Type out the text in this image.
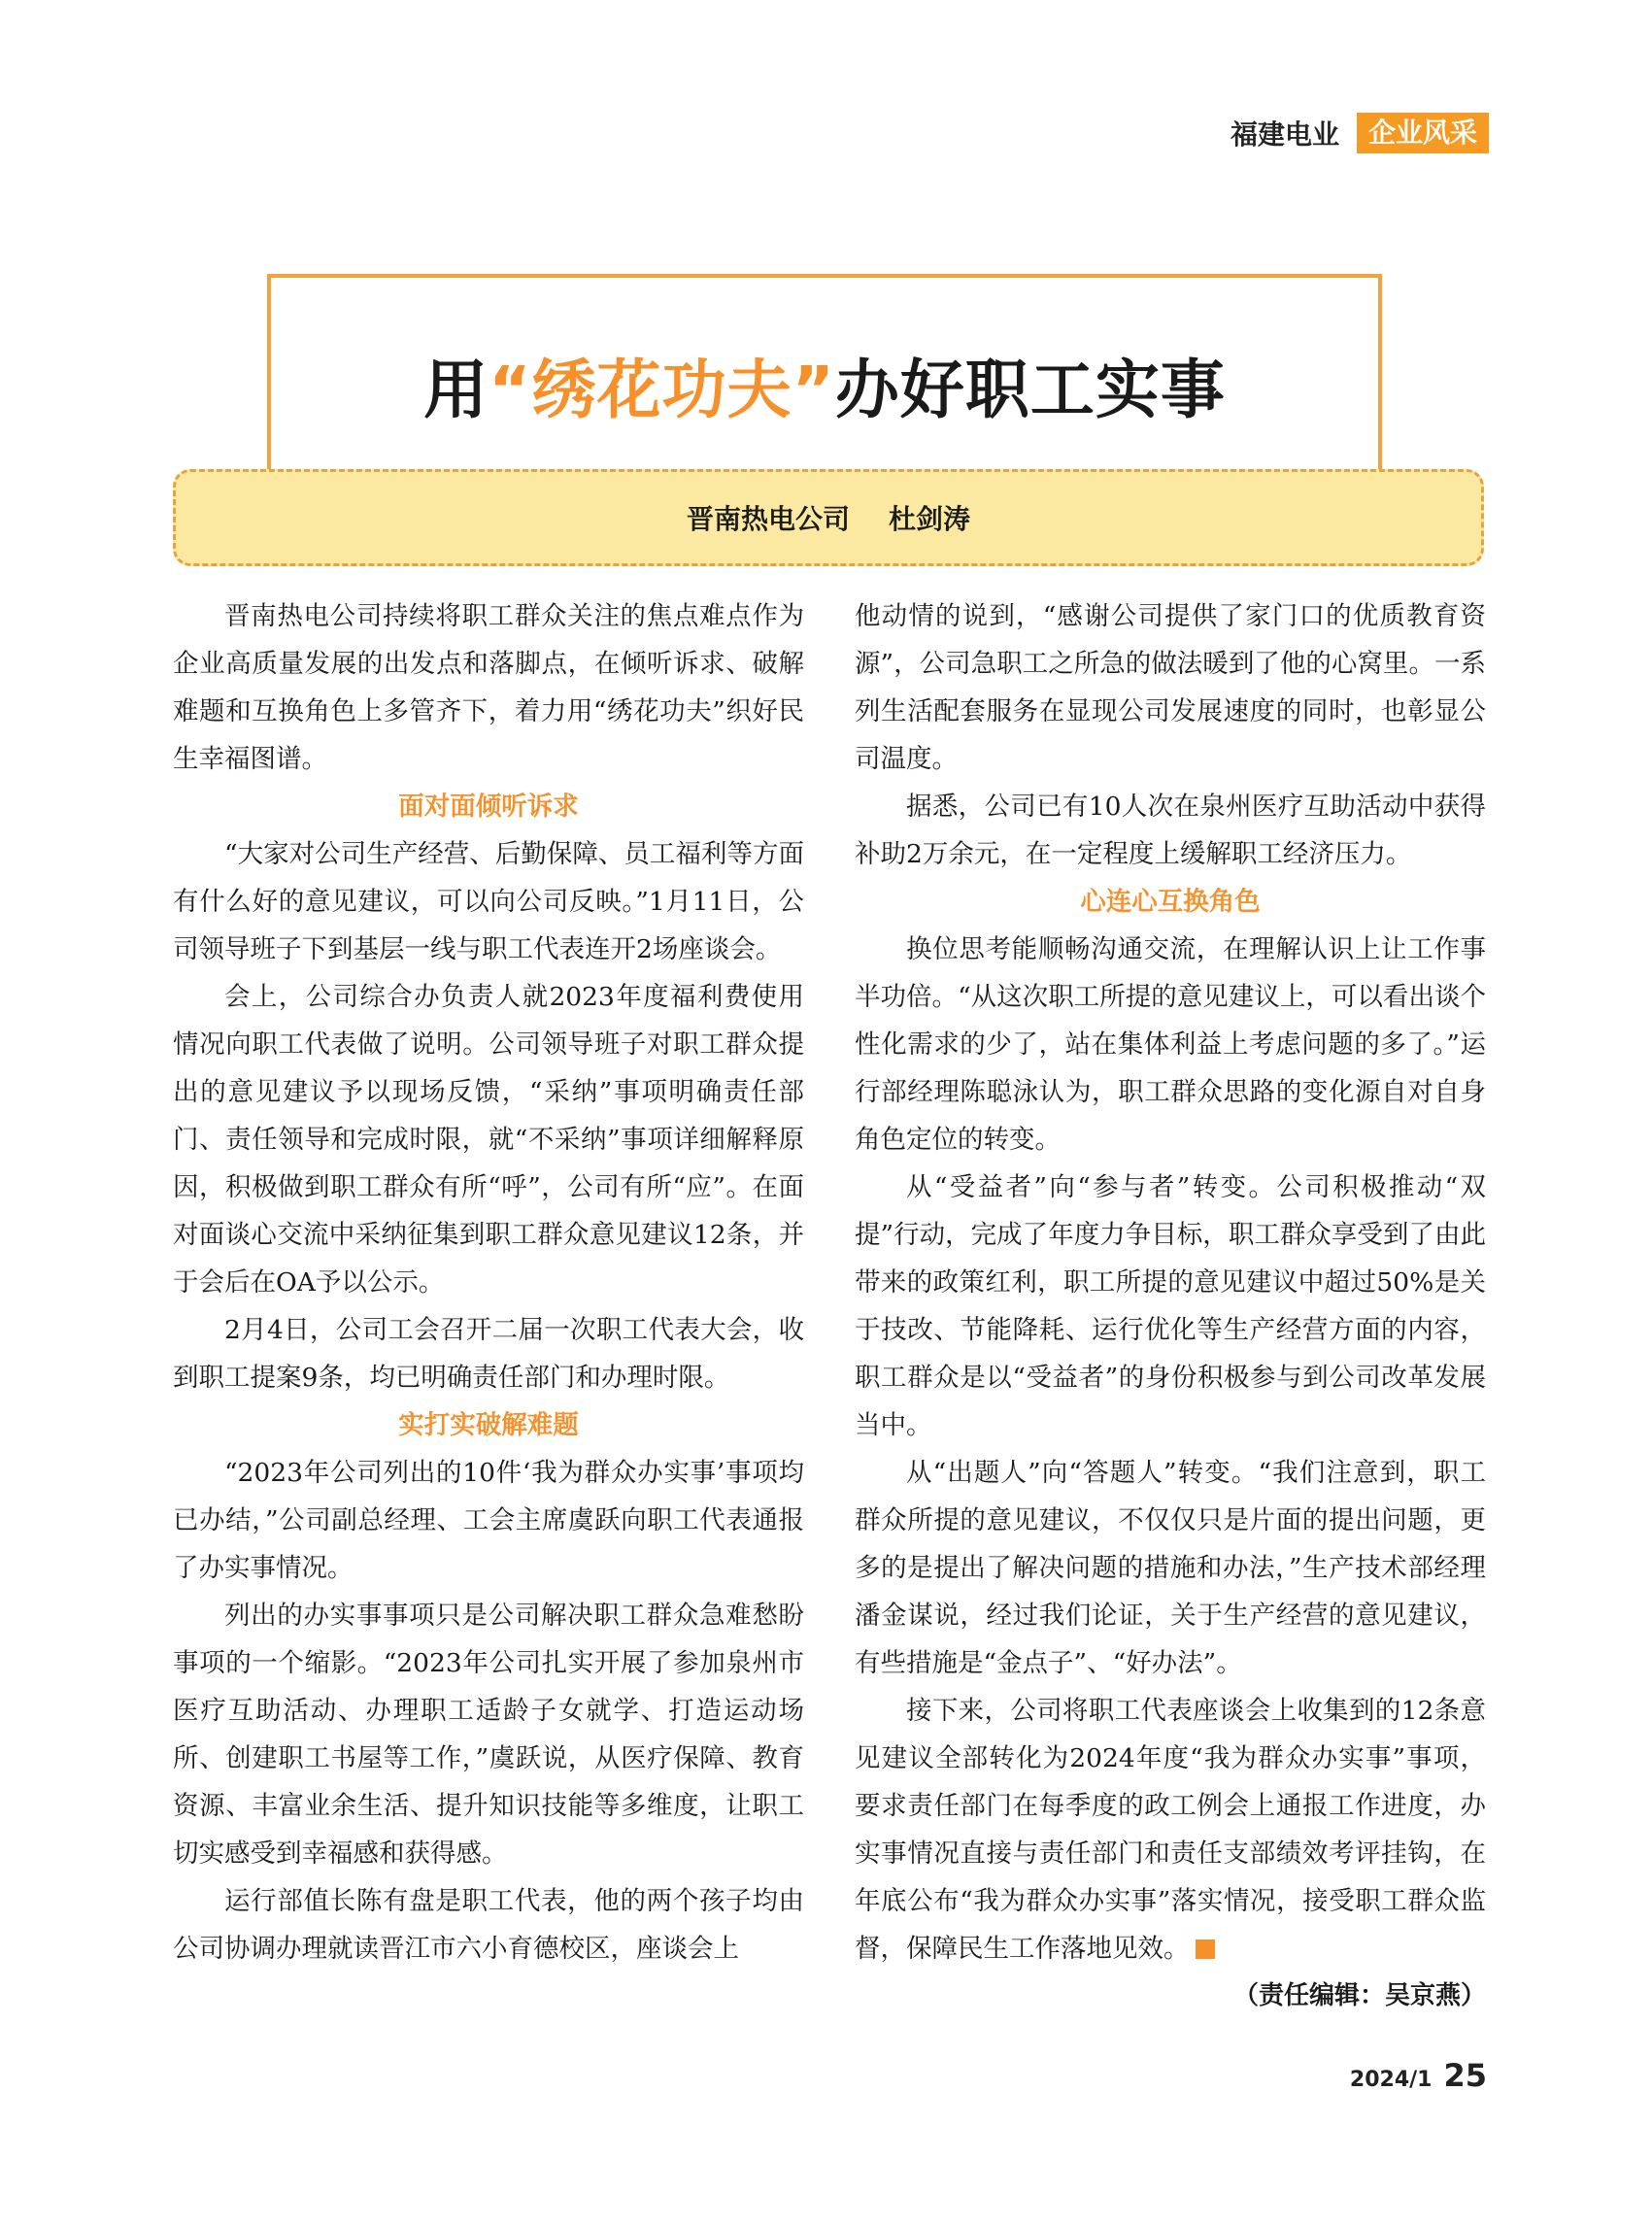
福建电业	企业风采
用“绣花功夫”办好职工实事
晋南热电公司 杜剑涛

晋南热电公司持续将职工群众关注的焦点难点作为企业高质量发展的出发点和落脚点，在倾听诉求、破解难题和互换角色上多管齐下，着力用“绣花功夫”织好民生幸福图谱。

面对面倾听诉求

“大家对公司生产经营、后勤保障、员工福利等方面有什么好的意见建议，可以向公司反映。”1月11日，公司领导班子下到基层一线与职工代表连开2场座谈会。

会上，公司综合办负责人就2023年度福利费使用情况向职工代表做了说明。公司领导班子对职工群众提出的意见建议予以现场反馈，“采纳”事项明确责任部门、责任领导和完成时限，就“不采纳”事项详细解释原因，积极做到职工群众有所“呼”，公司有所“应”。在面对面谈心交流中采纳征集到职工群众意见建议12条，并于会后在OA予以公示。

2月4日，公司工会召开二届一次职工代表大会，收到职工提案9条，均已明确责任部门和办理时限。

实打实破解难题

“2023年公司列出的10件‘我为群众办实事’事项均已办结，”公司副总经理、工会主席虞跃向职工代表通报了办实事情况。

列出的办实事事项只是公司解决职工群众急难愁盼事项的一个缩影。“2023年公司扎实开展了参加泉州市医疗互助活动、办理职工适龄子女就学、打造运动场所、创建职工书屋等工作，”虞跃说，从医疗保障、教育资源、丰富业余生活、提升知识技能等多维度，让职工切实感受到幸福感和获得感。

运行部值长陈有盘是职工代表，他的两个孩子均由公司协调办理就读晋江市六小育德校区，座谈会上

他动情的说到，“感谢公司提供了家门口的优质教育资源”，公司急职工之所急的做法暖到了他的心窝里。一系列生活配套服务在显现公司发展速度的同时，也彰显公司温度。

据悉，公司已有10人次在泉州医疗互助活动中获得补助2万余元，在一定程度上缓解职工经济压力。

心连心互换角色

换位思考能顺畅沟通交流，在理解认识上让工作事半功倍。“从这次职工所提的意见建议上，可以看出谈个性化需求的少了，站在集体利益上考虑问题的多了。”运行部经理陈聪泳认为，职工群众思路的变化源自对自身角色定位的转变。

从“受益者”向“参与者”转变。公司积极推动“双提”行动，完成了年度力争目标，职工群众享受到了由此带来的政策红利，职工所提的意见建议中超过50%是关于技改、节能降耗、运行优化等生产经营方面的内容，职工群众是以“受益者”的身份积极参与到公司改革发展当中。

从“出题人”向“答题人”转变。“我们注意到，职工群众所提的意见建议，不仅仅只是片面的提出问题，更多的是提出了解决问题的措施和办法，”生产技术部经理潘金谋说，经过我们论证，关于生产经营的意见建议，有些措施是“金点子”、“好办法”。

接下来，公司将职工代表座谈会上收集到的12条意见建议全部转化为2024年度“我为群众办实事”事项，要求责任部门在每季度的政工例会上通报工作进度，办实事情况直接与责任部门和责任支部绩效考评挂钩，在年底公布“我为群众办实事”落实情况，接受职工群众监督，保障民生工作落地见效。

（责任编辑：吴京燕）
2024/1 25
